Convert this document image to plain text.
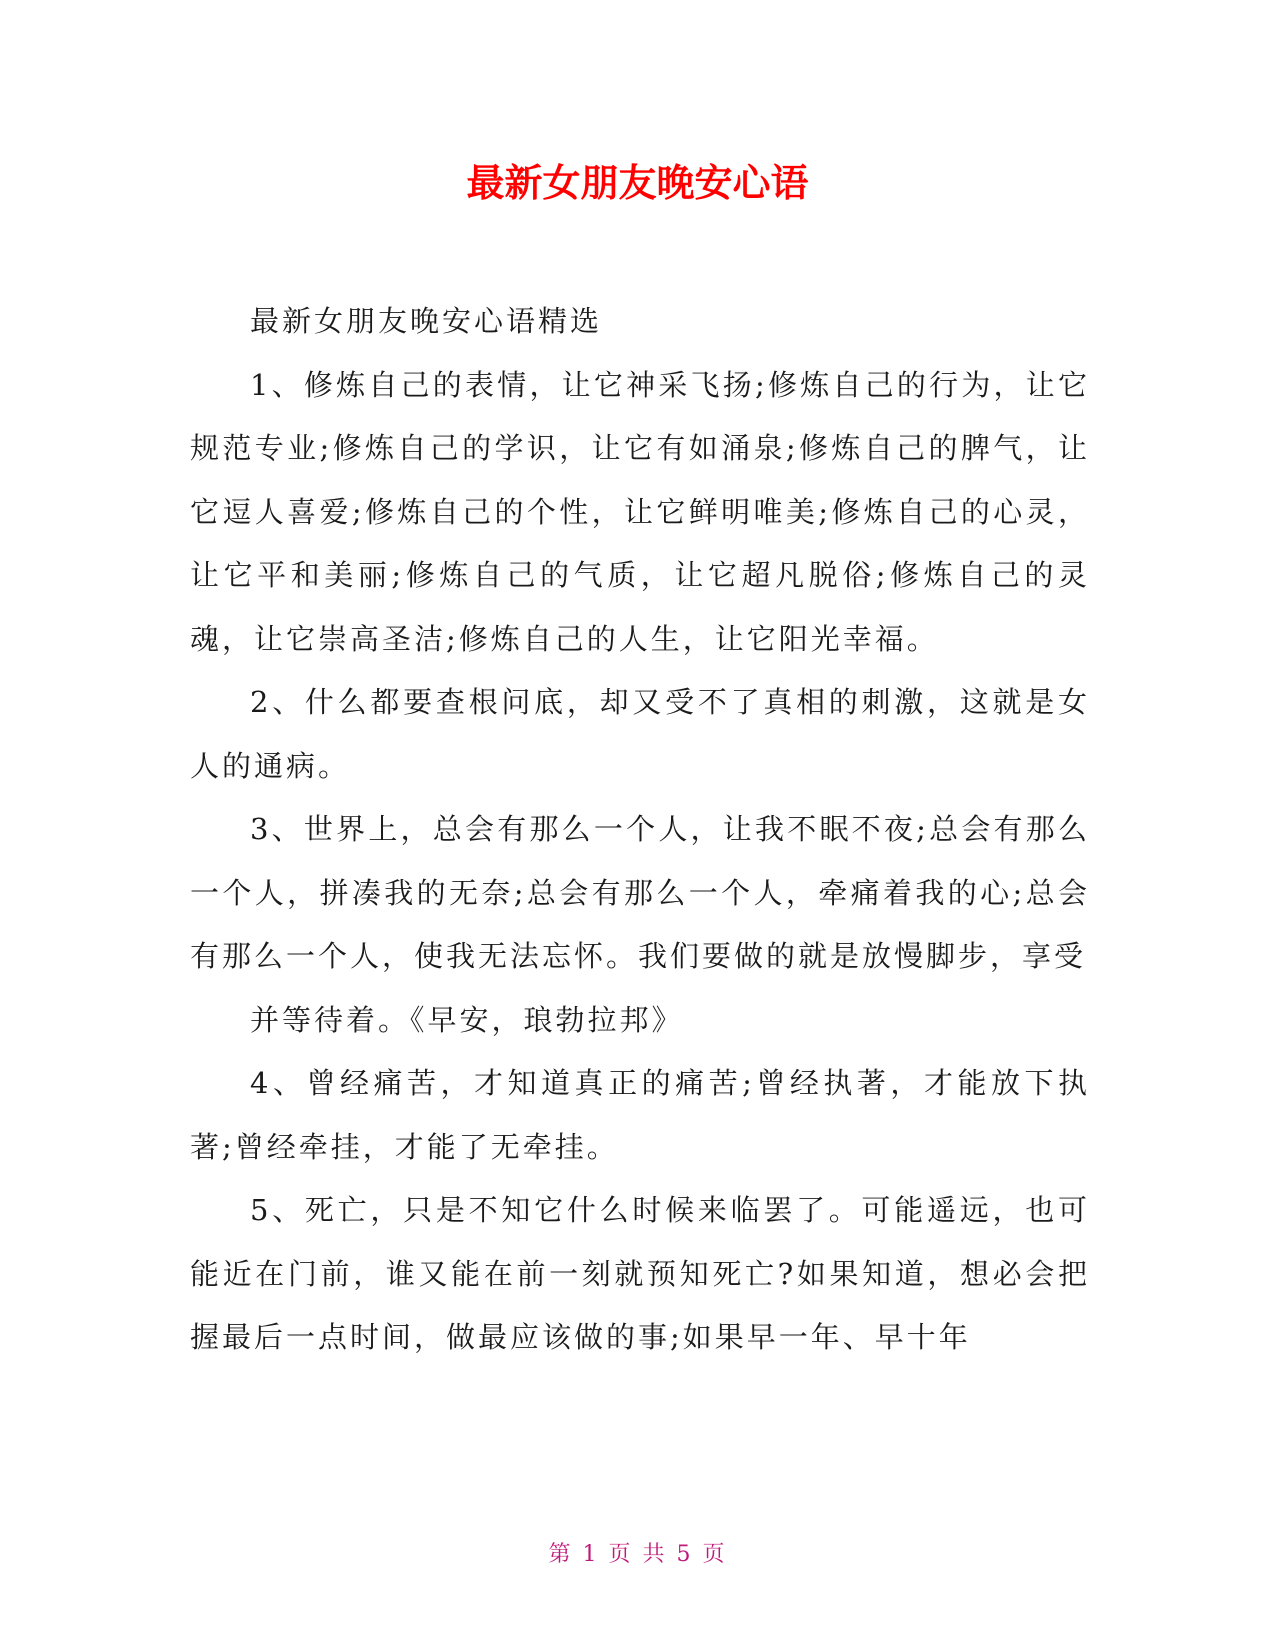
最新女朋友晚安心语

最新女朋友晚安心语精选

1、修炼自己的表情，让它神采飞扬;修炼自己的行为，让它规范专业;修炼自己的学识，让它有如涌泉;修炼自己的脾气，让它逗人喜爱;修炼自己的个性，让它鲜明唯美;修炼自己的心灵，让它平和美丽;修炼自己的气质，让它超凡脱俗;修炼自己的灵魂，让它崇高圣洁;修炼自己的人生，让它阳光幸福。

2、什么都要查根问底，却又受不了真相的刺激，这就是女人的通病。

3、世界上，总会有那么一个人，让我不眠不夜;总会有那么一个人，拼凑我的无奈;总会有那么一个人，牵痛着我的心;总会有那么一个人，使我无法忘怀。我们要做的就是放慢脚步，享受

并等待着。《早安，琅勃拉邦》

4、曾经痛苦，才知道真正的痛苦;曾经执著，才能放下执著;曾经牵挂，才能了无牵挂。

5、死亡，只是不知它什么时候来临罢了。可能遥远，也可能近在门前，谁又能在前一刻就预知死亡?如果知道，想必会把握最后一点时间，做最应该做的事;如果早一年、早十年

第 1 页 共 5 页
